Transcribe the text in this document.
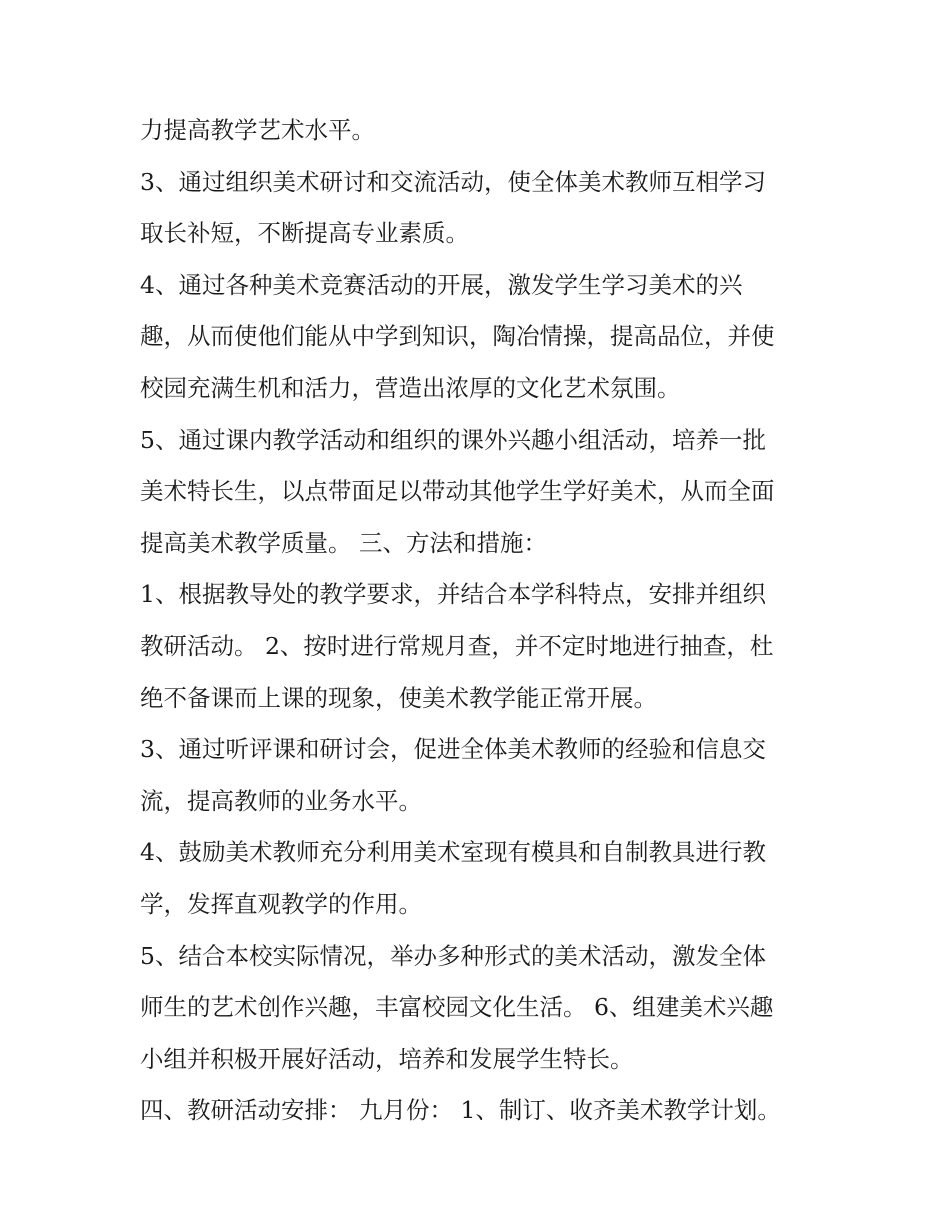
力提高教学艺术水平。
3、通过组织美术研讨和交流活动，使全体美术教师互相学习
取长补短，不断提高专业素质。
4、通过各种美术竞赛活动的开展，激发学生学习美术的兴
趣，从而使他们能从中学到知识，陶冶情操，提高品位，并使
校园充满生机和活力，营造出浓厚的文化艺术氛围。
5、通过课内教学活动和组织的课外兴趣小组活动，培养一批
美术特长生，以点带面足以带动其他学生学好美术，从而全面
提高美术教学质量。 三、方法和措施：
1、根据教导处的教学要求，并结合本学科特点，安排并组织
教研活动。 2、按时进行常规月查，并不定时地进行抽查，杜
绝不备课而上课的现象，使美术教学能正常开展。
3、通过听评课和研讨会，促进全体美术教师的经验和信息交
流，提高教师的业务水平。
4、鼓励美术教师充分利用美术室现有模具和自制教具进行教
学，发挥直观教学的作用。
5、结合本校实际情况，举办多种形式的美术活动，激发全体
师生的艺术创作兴趣，丰富校园文化生活。 6、组建美术兴趣
小组并积极开展好活动，培养和发展学生特长。
四、教研活动安排： 九月份： 1、制订、收齐美术教学计划。
